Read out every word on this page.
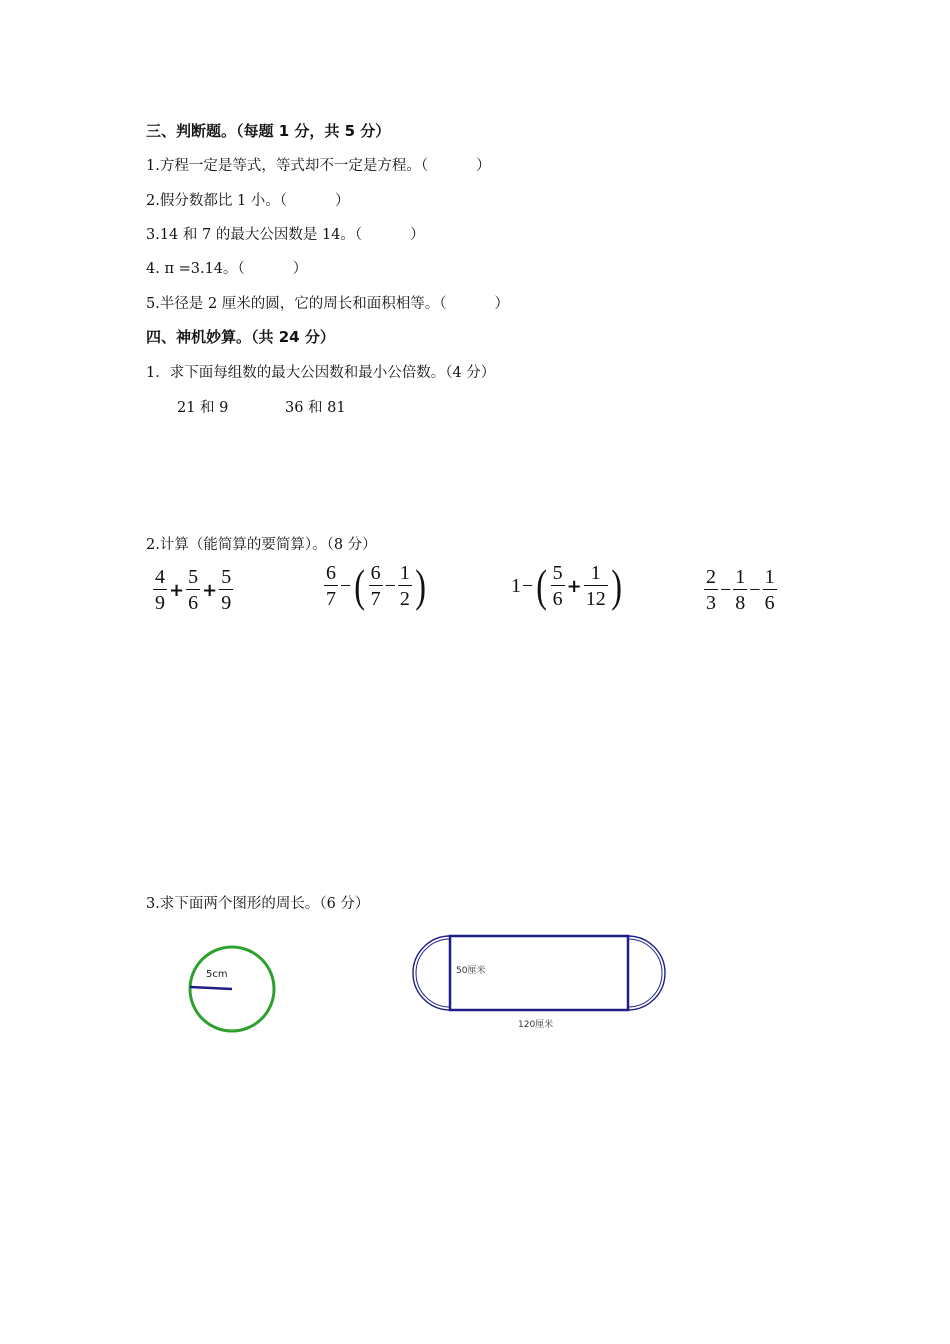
三、判断题。（每题 1 分，共 5 分）
1.方程一定是等式，等式却不一定是方程。（	）
2.假分数都比 1 小。（	）
3.14 和 7 的最大公因数是 14。（	）
4. π =3.14。（	）
5.半径是 2 厘米的圆，它的周长和面积相等。（	）
四、神机妙算。（共 24 分）
1．求下面每组数的最大公因数和最小公倍数。（4 分）
21 和 9	36 和 81
2.计算（能简算的要简算）。（8 分）
$\frac{4}{9} + \frac{5}{6} + \frac{5}{9}$	$\frac{6}{7}$ − ( $\frac{6}{7} - \frac{1}{2}$ )	1 − ( $\frac{5}{6} + \frac{1}{12}$ )	$\frac{2}{3} - \frac{1}{8} - \frac{1}{6}$
3.求下面两个图形的周长。（6 分）
5cm	50厘米
120厘米
